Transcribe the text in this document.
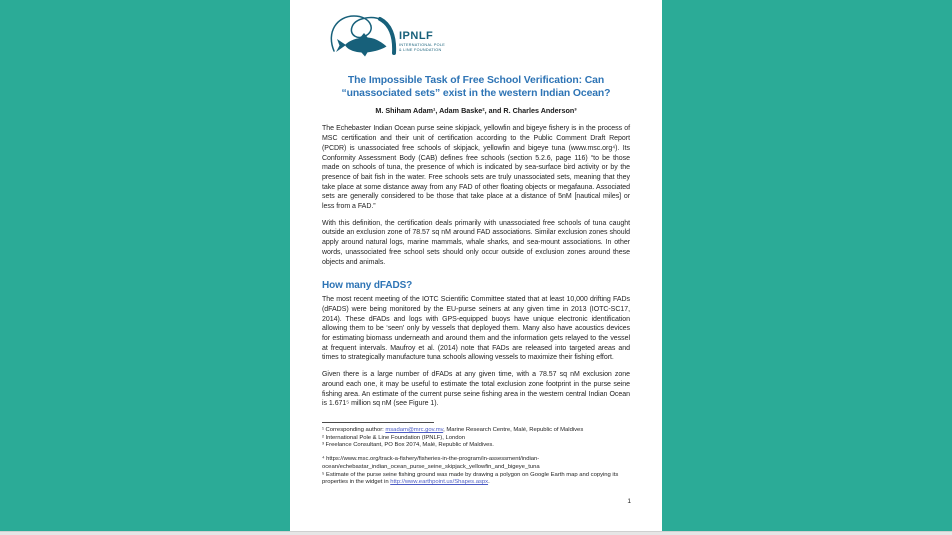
IPNLF
INTERNATIONAL POLE
& LINE FOUNDATION
The Impossible Task of Free School Verification: Can “unassociated sets” exist in the western Indian Ocean?
M. Shiham Adam¹, Adam Baske², and R. Charles Anderson³

The Echebaster Indian Ocean purse seine skipjack, yellowfin and bigeye fishery is in the process of MSC certification and their unit of certification according to the Public Comment Draft Report (PCDR) is unassociated free schools of skipjack, yellowfin and bigeye tuna (www.msc.org⁴). Its Conformity Assessment Body (CAB) defines free schools (section 5.2.6, page 116) “to be those made on schools of tuna, the presence of which is indicated by sea-surface bird activity or by the presence of bait fish in the water. Free schools sets are truly unassociated sets, meaning that they take place at some distance away from any FAD of other floating objects or megafauna. Associated sets are generally considered to be those that take place at a distance of 5nM [nautical miles] or less from a FAD.”

With this definition, the certification deals primarily with unassociated free schools of tuna caught outside an exclusion zone of 78.57 sq nM around FAD associations. Similar exclusion zones should apply around natural logs, marine mammals, whale sharks, and sea-mount associations. In other words, unassociated free school sets should only occur outside of exclusion zones around these objects and animals.

How many dFADS?

The most recent meeting of the IOTC Scientific Committee stated that at least 10,000 drifting FADs (dFADS) were being monitored by the EU-purse seiners at any given time in 2013 (IOTC-SC17, 2014). These dFADs and logs with GPS-equipped buoys have unique electronic identification allowing them to be ‘seen’ only by vessels that deployed them. Many also have acoustics devices for estimating biomass underneath and around them and the information gets relayed to the vessel at frequent intervals. Maufroy et al. (2014) note that FADs are released into targeted areas and times to strategically manufacture tuna schools allowing vessels to maximize their fishing effort.

Given there is a large number of dFADs at any given time, with a 78.57 sq nM exclusion zone around each one, it may be useful to estimate the total exclusion zone footprint in the purse seine fishing area. An estimate of the current purse seine fishing area in the western central Indian Ocean is 1.671⁵ million sq nM (see Figure 1).

¹ Corresponding author: msadam@mrc.gov.mv, Marine Research Centre, Malé, Republic of Maldives
² International Pole & Line Foundation (IPNLF), London
³ Freelance Consultant, PO Box 2074, Malé, Republic of Maldives.
⁴ https://www.msc.org/track-a-fishery/fisheries-in-the-program/in-assessment/indian-ocean/echebastar_indian_ocean_purse_seine_skipjack_yellowfin_and_bigeye_tuna
⁵ Estimate of the purse seine fishing ground was made by drawing a polygon on Google Earth map and copying its properties in the widget in http://www.earthpoint.us/Shapes.aspx.
1
